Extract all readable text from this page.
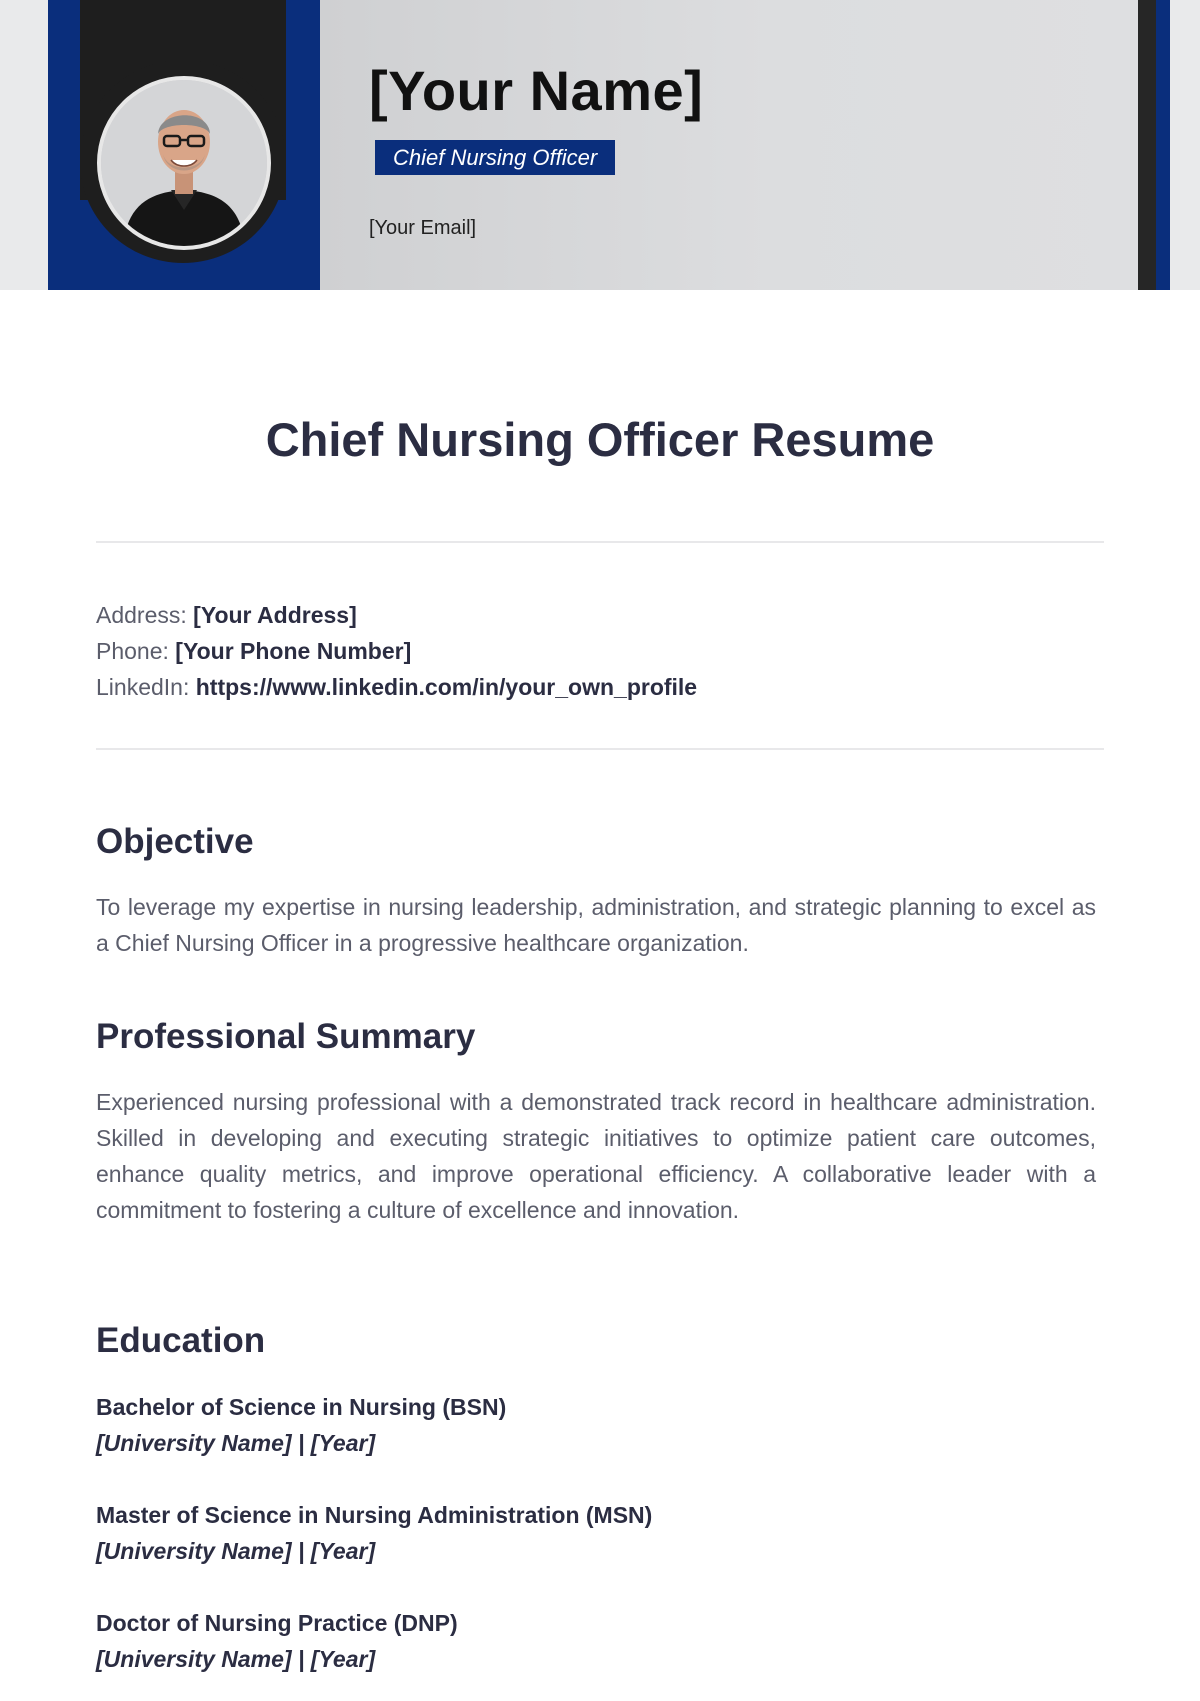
[Your Name]
Chief Nursing Officer
[Your Email]
Chief Nursing Officer Resume
Address: [Your Address]
Phone: [Your Phone Number]
LinkedIn: https://www.linkedin.com/in/your_own_profile
Objective

To leverage my expertise in nursing leadership, administration, and strategic planning to excel as a Chief Nursing Officer in a progressive healthcare organization.

Professional Summary

Experienced nursing professional with a demonstrated track record in healthcare administration. Skilled in developing and executing strategic initiatives to optimize patient care outcomes, enhance quality metrics, and improve operational efficiency. A collaborative leader with a commitment to fostering a culture of excellence and innovation.

Education
Bachelor of Science in Nursing (BSN)
[University Name] | [Year]
Master of Science in Nursing Administration (MSN)
[University Name] | [Year]
Doctor of Nursing Practice (DNP)
[University Name] | [Year]
